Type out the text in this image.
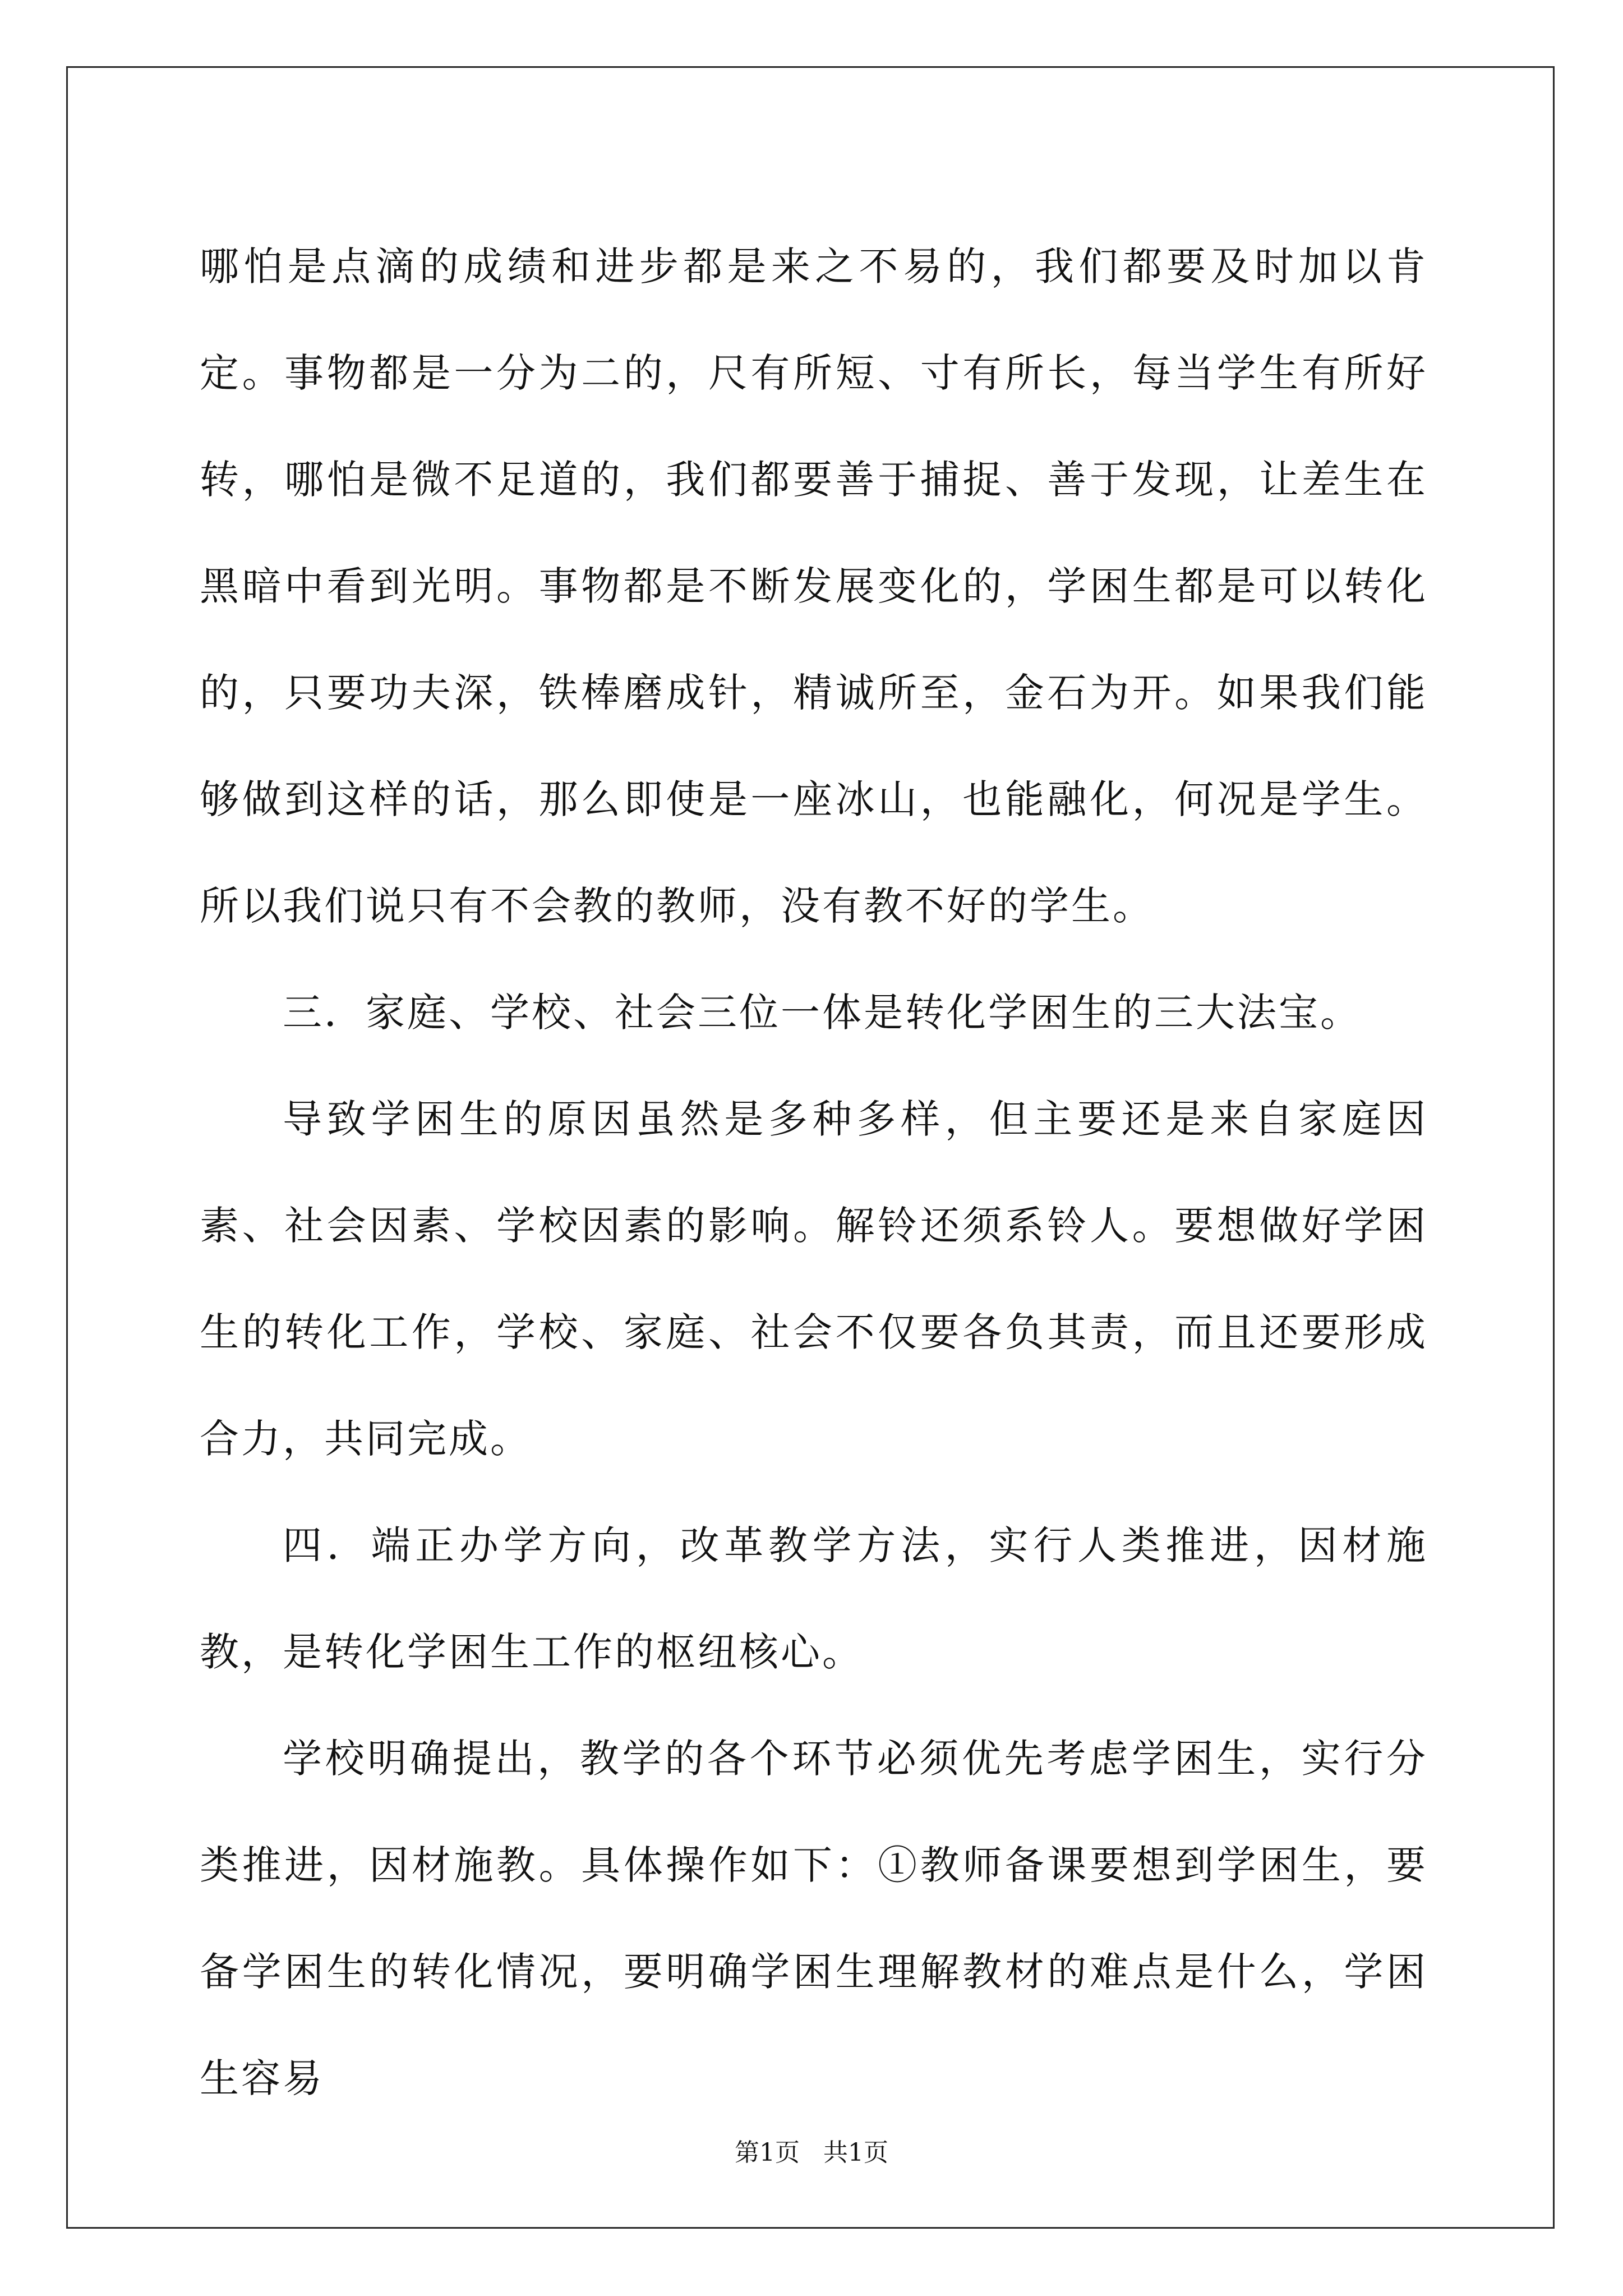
哪怕是点滴的成绩和进步都是来之不易的，我们都要及时加以肯定。事物都是一分为二的，尺有所短、寸有所长，每当学生有所好转，哪怕是微不足道的，我们都要善于捕捉、善于发现，让差生在黑暗中看到光明。事物都是不断发展变化的，学困生都是可以转化的，只要功夫深，铁棒磨成针，精诚所至，金石为开。如果我们能够做到这样的话，那么即使是一座冰山，也能融化，何况是学生。所以我们说只有不会教的教师，没有教不好的学生。

三．家庭、学校、社会三位一体是转化学困生的三大法宝。

导致学困生的原因虽然是多种多样，但主要还是来自家庭因素、社会因素、学校因素的影响。解铃还须系铃人。要想做好学困生的转化工作，学校、家庭、社会不仅要各负其责，而且还要形成合力，共同完成。

四．端正办学方向，改革教学方法，实行人类推进，因材施教，是转化学困生工作的枢纽核心。

学校明确提出，教学的各个环节必须优先考虑学困生，实行分类推进，因材施教。具体操作如下：①教师备课要想到学困生，要备学困生的转化情况，要明确学困生理解教材的难点是什么，学困生容易

第1页   共1页
